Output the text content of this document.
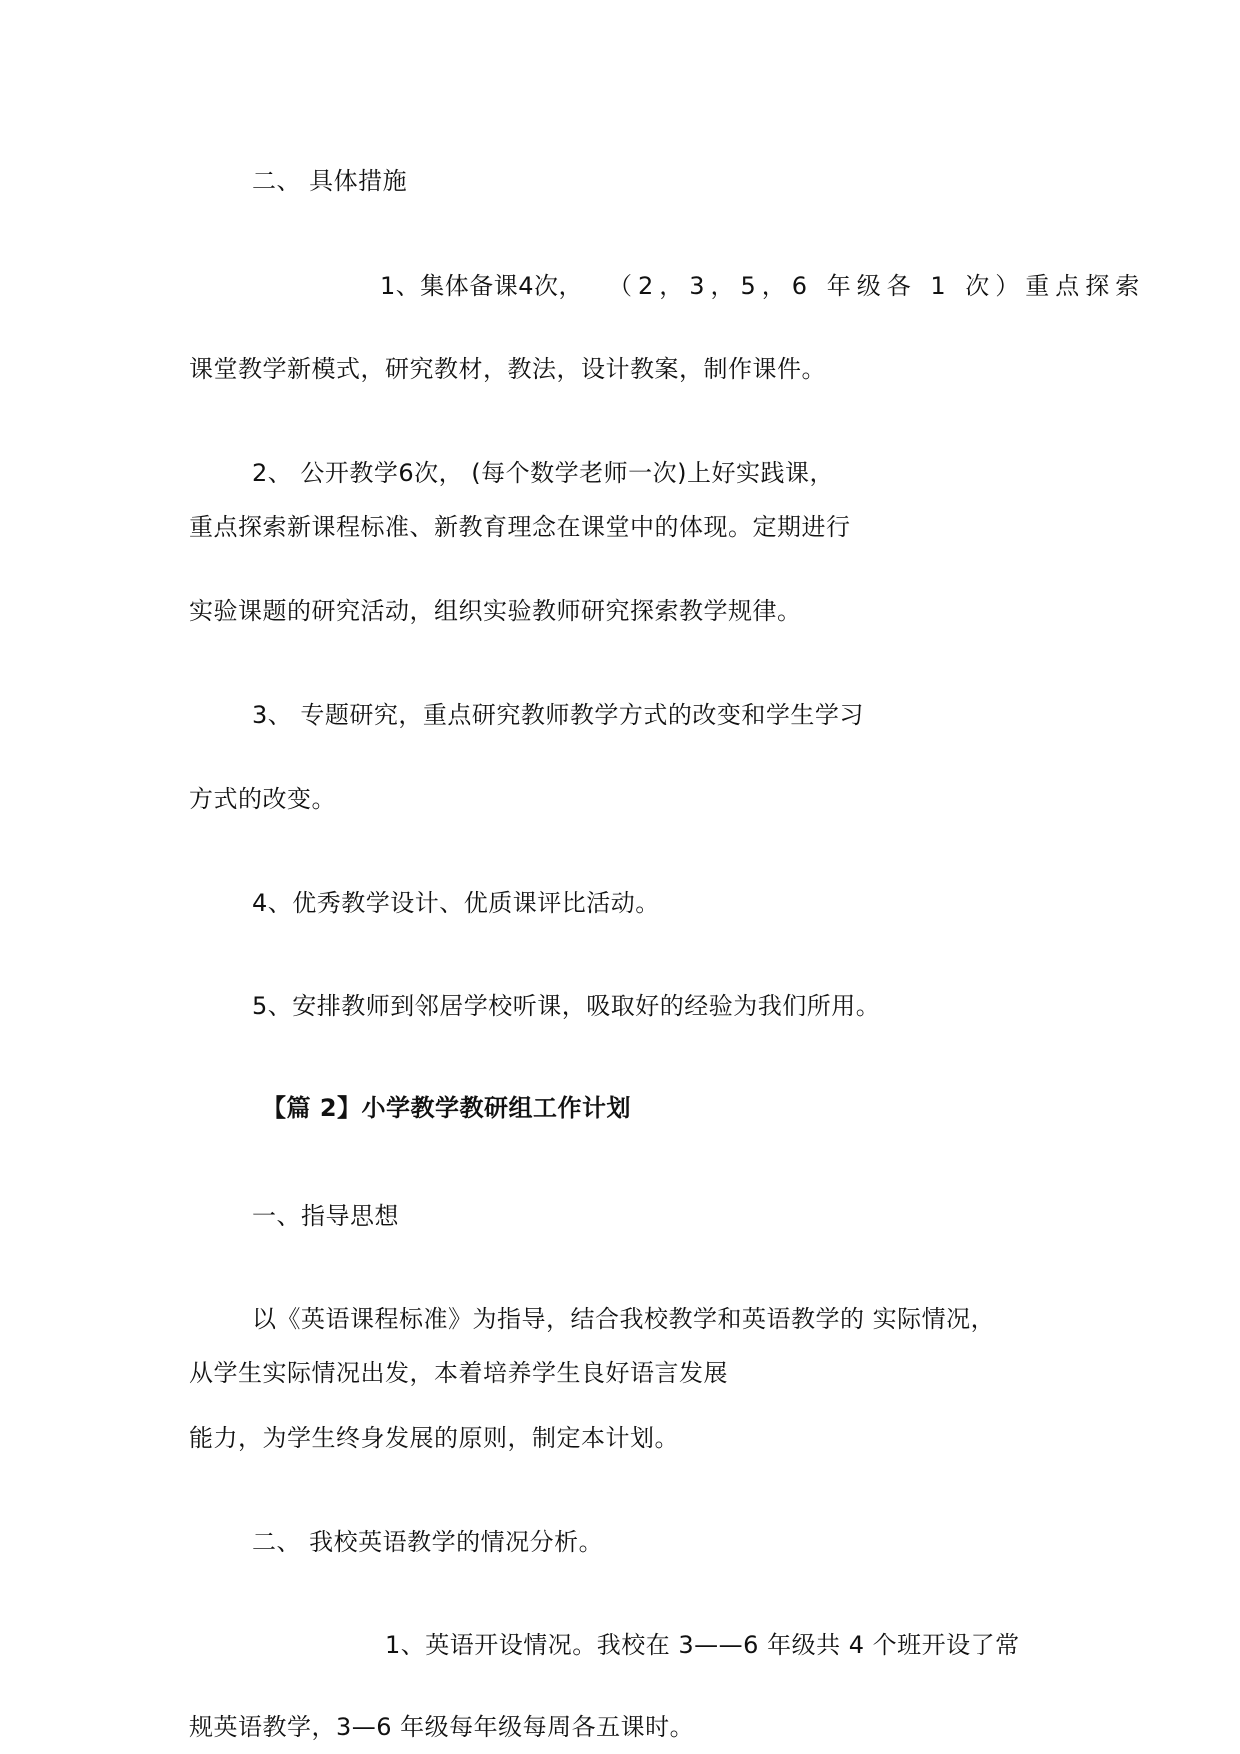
二、 具体措施
1、集体备课4次， （2，3，5，6 年级各 1 次）重点探索
课堂教学新模式，研究教材，教法，设计教案，制作课件。
2、 公开教学6次， (每个数学老师一次)上好实践课，
重点探索新课程标准、新教育理念在课堂中的体现。定期进行
实验课题的研究活动，组织实验教师研究探索教学规律。
3、 专题研究，重点研究教师教学方式的改变和学生学习
方式的改变。
4、优秀教学设计、优质课评比活动。
5、安排教师到邻居学校听课，吸取好的经验为我们所用。
【篇 2】小学教学教研组工作计划
一、指导思想
以《英语课程标准》为指导，结合我校教学和英语教学的 实际情况，
从学生实际情况出发，本着培养学生良好语言发展
能力，为学生终身发展的原则，制定本计划。
二、 我校英语教学的情况分析。
1、英语开设情况。我校在 3——6 年级共 4 个班开设了常
规英语教学，3—6 年级每年级每周各五课时。
